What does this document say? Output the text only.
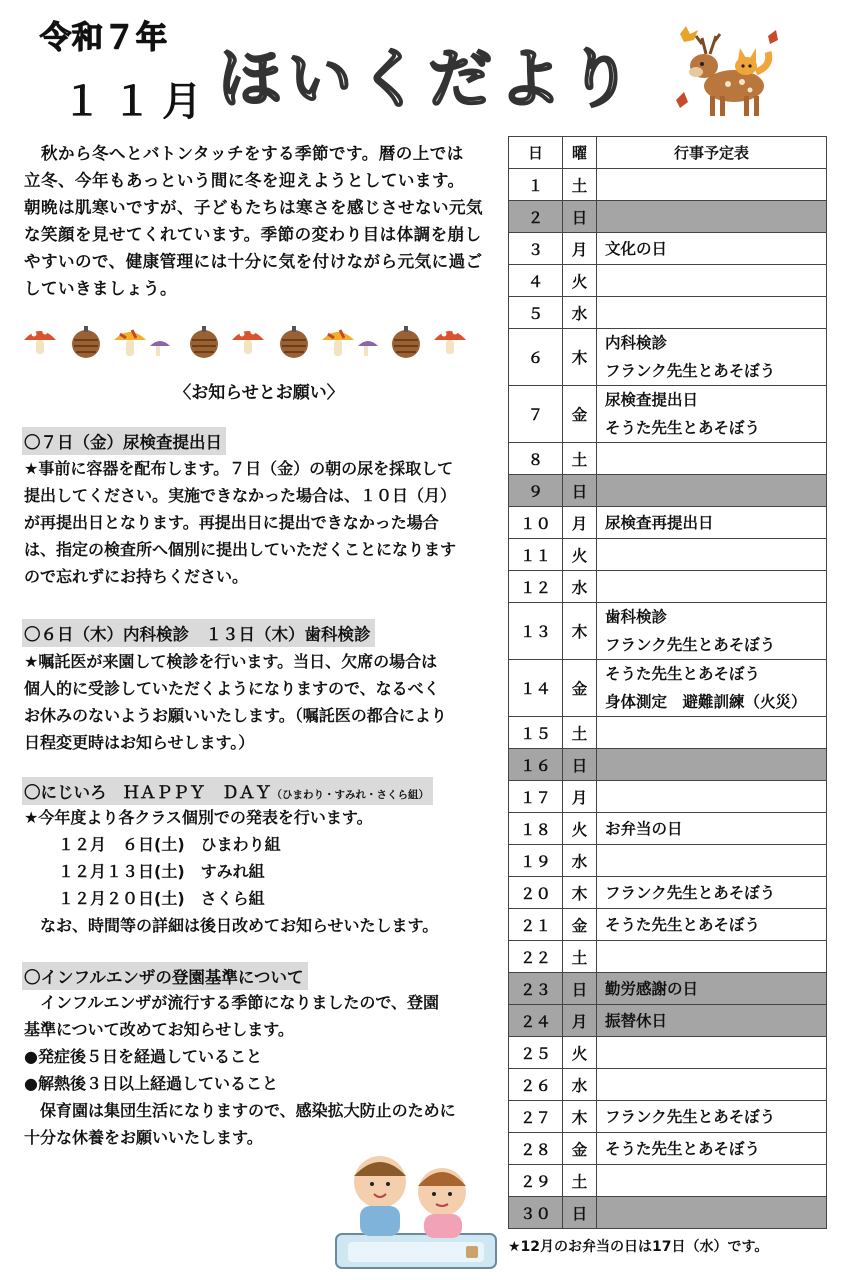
令和７年
１１月 ほいくだより
　秋から冬へとバトンタッチをする季節です。暦の上では
立冬、今年もあっという間に冬を迎えようとしています。
朝晩は肌寒いですが、子どもたちは寒さを感じさせない元気
な笑顔を見せてくれています。季節の変わり目は体調を崩し
やすいので、健康管理には十分に気を付けながら元気に過ご
していきましょう。
〈お知らせとお願い〉
〇７日（金）尿検査提出日
★事前に容器を配布します。７日（金）の朝の尿を採取して
提出してください。実施できなかった場合は、１０日（月）
が再提出日となります。再提出日に提出できなかった場合
は、指定の検査所へ個別に提出していただくことになります
ので忘れずにお持ちください。
〇６日（木）内科検診　１３日（木）歯科検診
★嘱託医が来園して検診を行います。当日、欠席の場合は
個人的に受診していただくようになりますので、なるべく
お休みのないようお願いいたします。（嘱託医の都合により
日程変更時はお知らせします。）
〇にじいろ　ＨＡＰＰＹ　ＤＡＹ（ひまわり・すみれ・さくら組）
★今年度より各クラス個別での発表を行います。
１２月　６日(土)　ひまわり組
１２月１３日(土)　すみれ組
１２月２０日(土)　さくら組
　なお、時間等の詳細は後日改めてお知らせいたします。
〇インフルエンザの登園基準について
　インフルエンザが流行する季節になりましたので、登園
基準について改めてお知らせします。
●発症後５日を経過していること
●解熱後３日以上経過していること
　保育園は集団生活になりますので、感染拡大防止のために
十分な休養をお願いいたします。
日	曜	行事予定表
１	土	
２	日	
３	月	文化の日

４	火	
５	水	
６	木	内科検診
フランク先生とあそぼう

７	金	尿検査提出日
そうた先生とあそぼう

８	土	
９	日	
１０	月	尿検査再提出日

１１	火	
１２	水	
１３	木	歯科検診
フランク先生とあそぼう

１４	金	そうた先生とあそぼう
身体測定　避難訓練（火災）

１５	土	
１６	日	
１７	月	
１８	火	お弁当の日

１９	水	
２０	木	フランク先生とあそぼう

２１	金	そうた先生とあそぼう

２２	土	
２３	日	勤労感謝の日

２４	月	振替休日

２５	火	
２６	水	
２７	木	フランク先生とあそぼう

２８	金	そうた先生とあそぼう

２９	土	
３０	日	
★12月のお弁当の日は17日（水）です。
